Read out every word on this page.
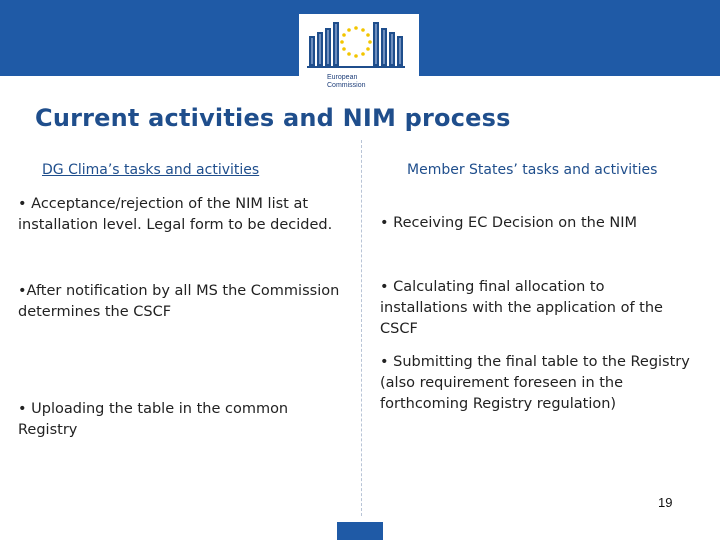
European
Commission
Current activities and NIM process
DG Clima’s tasks and activities	Member States’ tasks and activities
• Acceptance/rejection of the NIM list at installation level. Legal form to be decided.
•After notification by all MS the Commission determines the CSCF
• Uploading the table in the common Registry
• Receiving EC Decision on the NIM
• Calculating final allocation to installations with the application of the CSCF
• Submitting the final table to the Registry (also requirement foreseen in the forthcoming Registry regulation)
19
